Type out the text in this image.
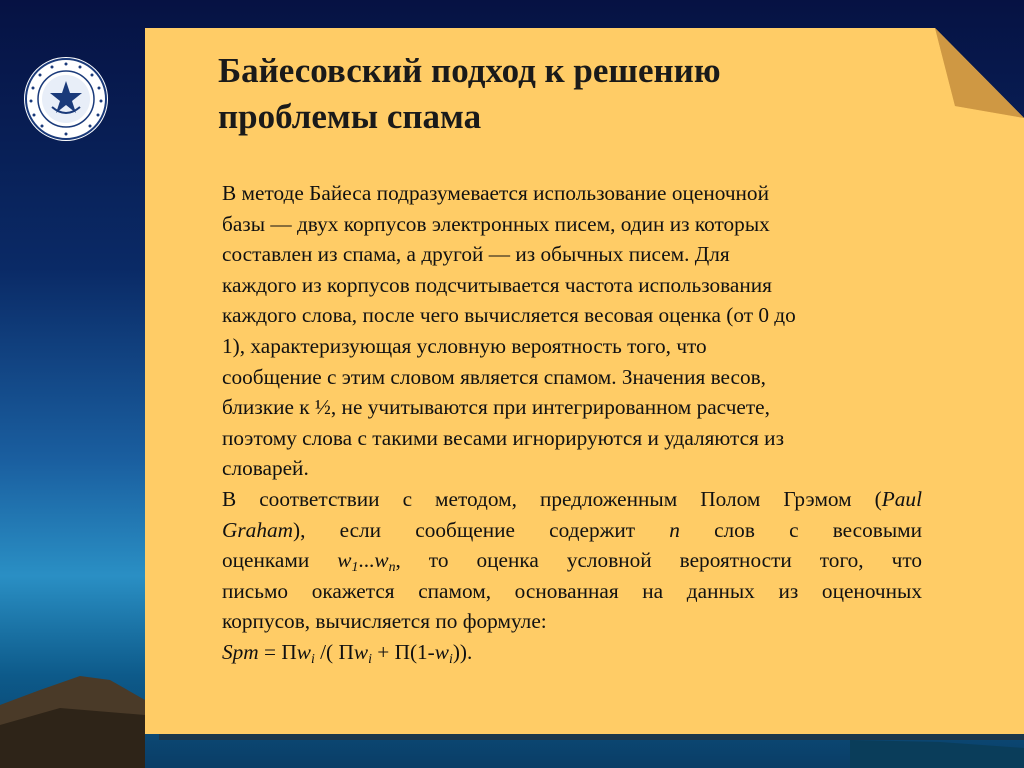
Байесовский подход к решению
проблемы спама
В методе Байеса подразумевается использование оценочной
базы — двух корпусов электронных писем, один из которых
составлен из спама, а другой — из обычных писем. Для
каждого из корпусов подсчитывается частота использования
каждого слова, после чего вычисляется весовая оценка (от 0 до
1), характеризующая условную вероятность того, что
сообщение с этим словом является спамом. Значения весов,
близкие к ½, не учитываются при интегрированном расчете,
поэтому слова с такими весами игнорируются и удаляются из
словарей.
В соответствии с методом, предложенным Полом Грэмом (Paul
Graham), если сообщение содержит n слов с весовыми
оценками $w_1...w_n$, то оценка условной вероятности того, что
письмо окажется спамом, основанная на данных из оценочных
корпусов, вычисляется по формуле:
Spm = $\Pi w_i$ /( $\Pi w_i + \Pi(1-w_i)$).
